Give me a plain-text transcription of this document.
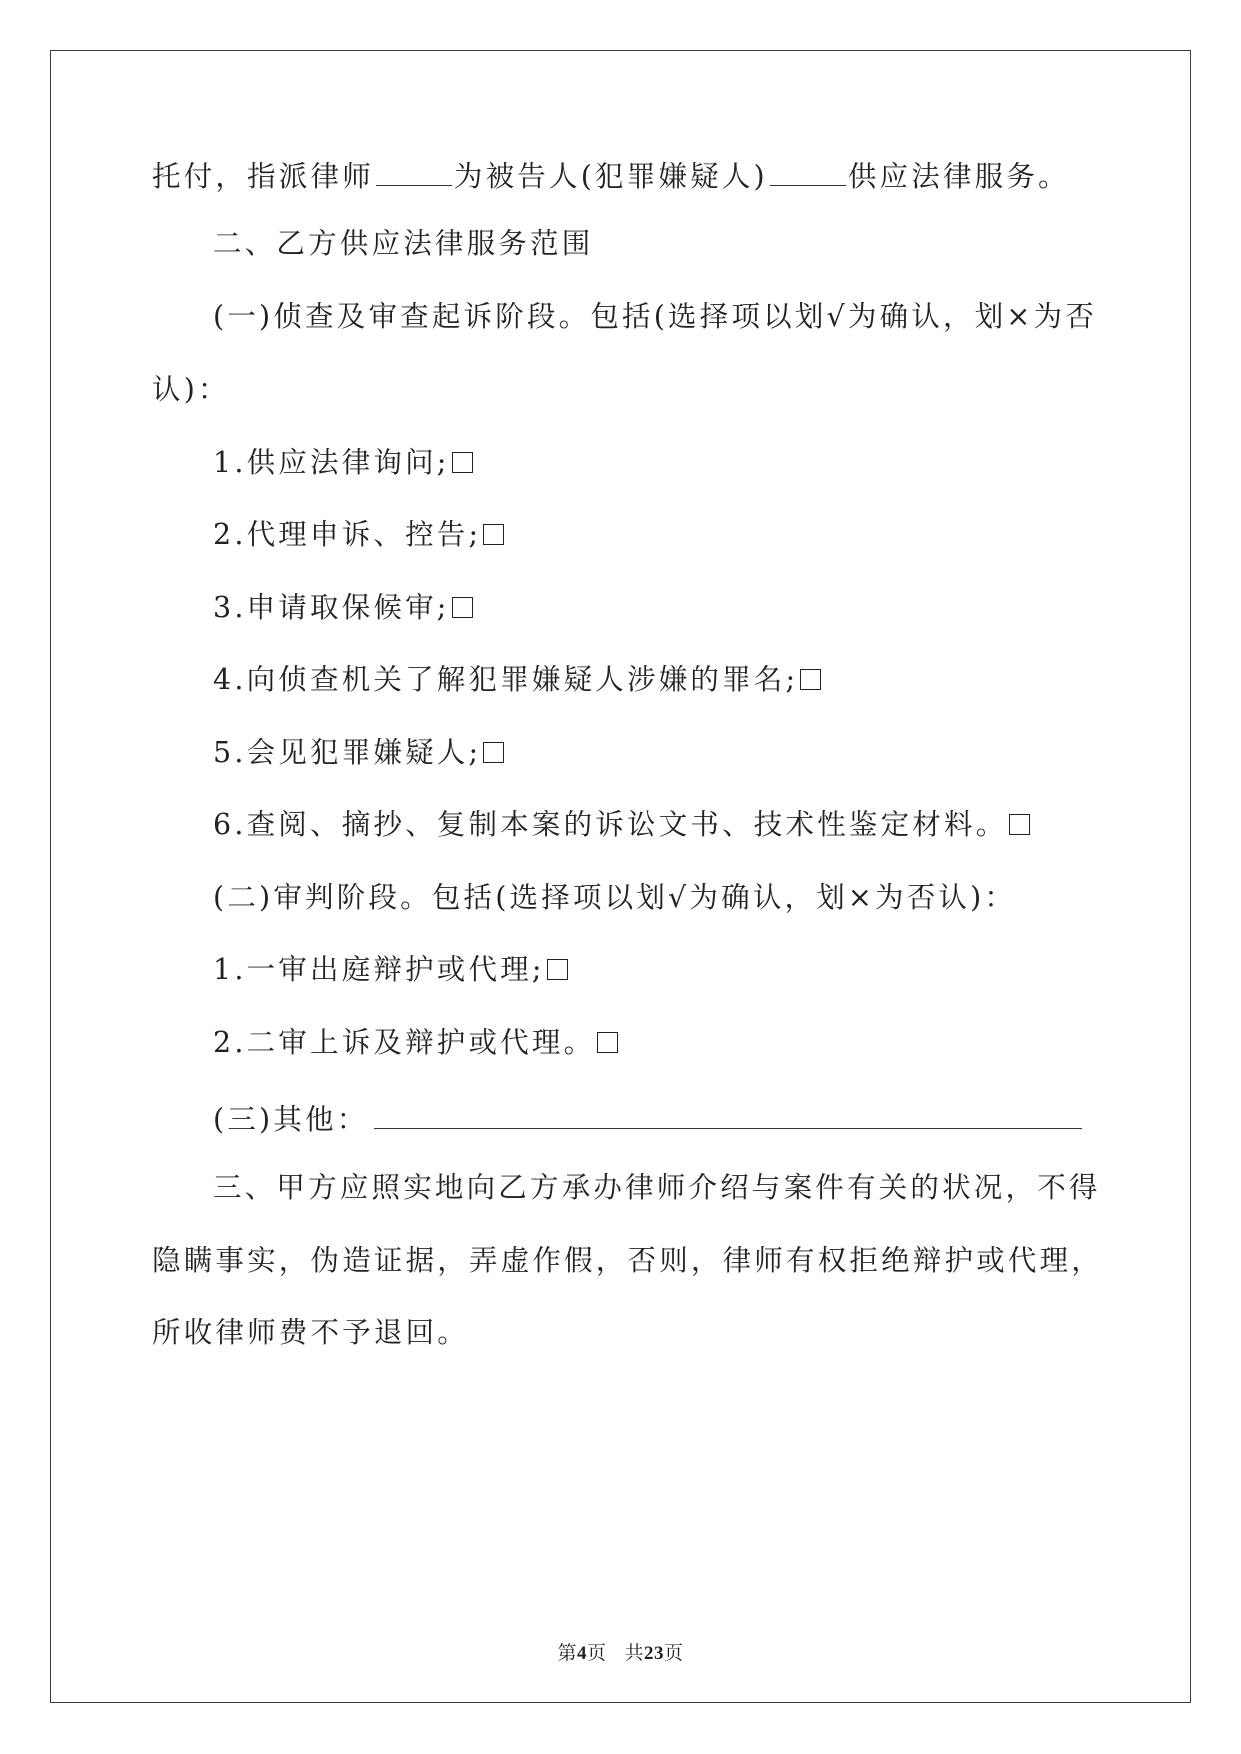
托付，指派律师	为被告人(犯罪嫌疑人)	供应法律服务。
二、乙方供应法律服务范围
(一)侦查及审查起诉阶段。包括(选择项以划√为确认，划×为否
认)：
1.供应法律询问;
2.代理申诉、控告;
3.申请取保候审;
4.向侦查机关了解犯罪嫌疑人涉嫌的罪名;
5.会见犯罪嫌疑人;
6.查阅、摘抄、复制本案的诉讼文书、技术性鉴定材料。
(二)审判阶段。包括(选择项以划√为确认，划×为否认)：
1.一审出庭辩护或代理;
2.二审上诉及辩护或代理。
(三)其他：
三、甲方应照实地向乙方承办律师介绍与案件有关的状况，不得
隐瞒事实，伪造证据，弄虚作假，否则，律师有权拒绝辩护或代理，
所收律师费不予退回。
第4页 共23页
